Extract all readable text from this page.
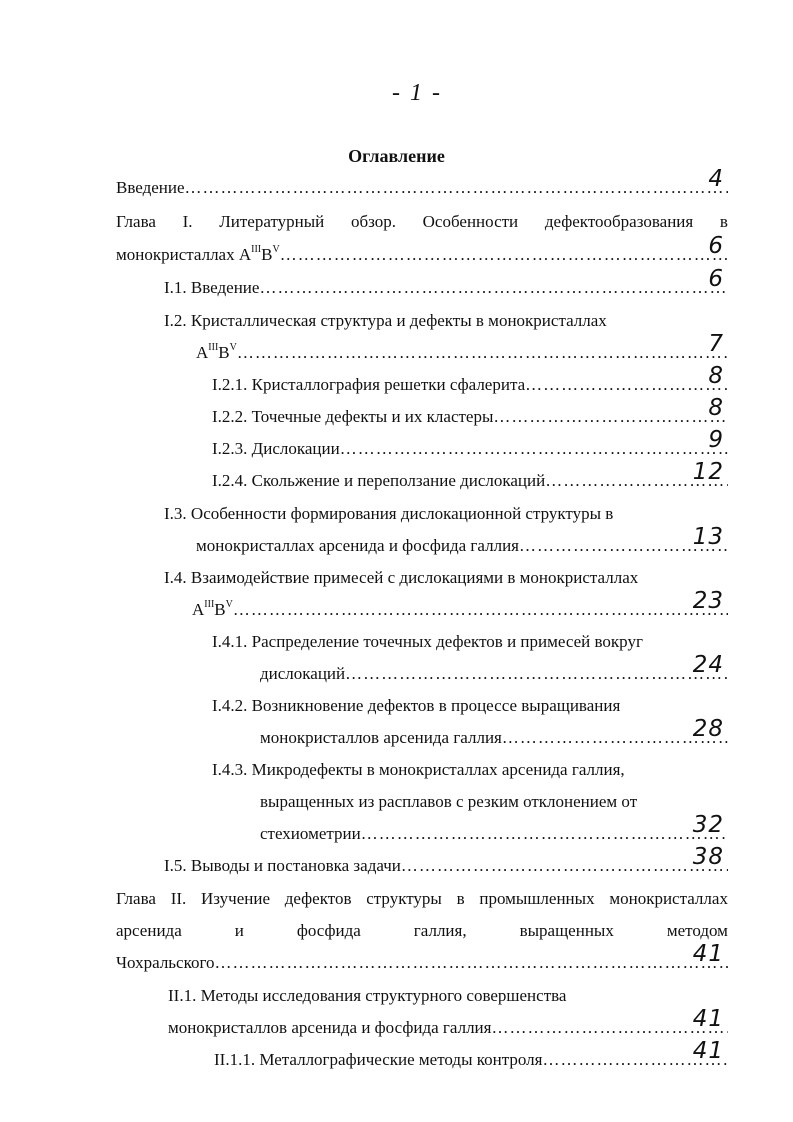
- 1 -
Оглавление
Введение ……………………………………………………………………………………………………………………………………………………	4
Глава I. Литературный обзор. Особенности дефектообразования в
монокристаллах $A^{III}B^V$ ……………………………………………………………………………………………………………………………………………………	6
I.1. Введение ……………………………………………………………………………………………………………………………………………………	6
I.2. Кристаллическая структура и дефекты в монокристаллах
$A^{III}B^V$ ……………………………………………………………………………………………………………………………………………………	7
I.2.1. Кристаллография решетки сфалерита ……………………………………………………………………………………………………………………………………………………	8
I.2.2. Точечные дефекты и их кластеры ……………………………………………………………………………………………………………………………………………………	8
I.2.3. Дислокации ……………………………………………………………………………………………………………………………………………………	9
I.2.4. Скольжение и переползание дислокаций ……………………………………………………………………………………………………………………………………………………	12
I.3. Особенности формирования дислокационной структуры в
монокристаллах арсенида и фосфида галлия ……………………………………………………………………………………………………………………………………………………	13
I.4. Взаимодействие примесей с дислокациями в монокристаллах
$A^{III}B^V$ ……………………………………………………………………………………………………………………………………………………	23
I.4.1. Распределение точечных дефектов и примесей вокруг
дислокаций ……………………………………………………………………………………………………………………………………………………	24
I.4.2. Возникновение дефектов в процессе выращивания
монокристаллов арсенида галлия ……………………………………………………………………………………………………………………………………………………	28
I.4.3. Микродефекты в монокристаллах арсенида галлия,
выращенных из расплавов с резким отклонением от
стехиометрии ……………………………………………………………………………………………………………………………………………………	32
I.5. Выводы и постановка задачи ……………………………………………………………………………………………………………………………………………………	38
Глава II. Изучение дефектов структуры в промышленных монокристаллах
арсенида	и	фосфида	галлия,	выращенных	методом
Чохральского ……………………………………………………………………………………………………………………………………………………	41
II.1. Методы исследования структурного совершенства
монокристаллов арсенида и фосфида галлия ……………………………………………………………………………………………………………………………………………………	41
II.1.1. Металлографические методы контроля ……………………………………………………………………………………………………………………………………………………	41
